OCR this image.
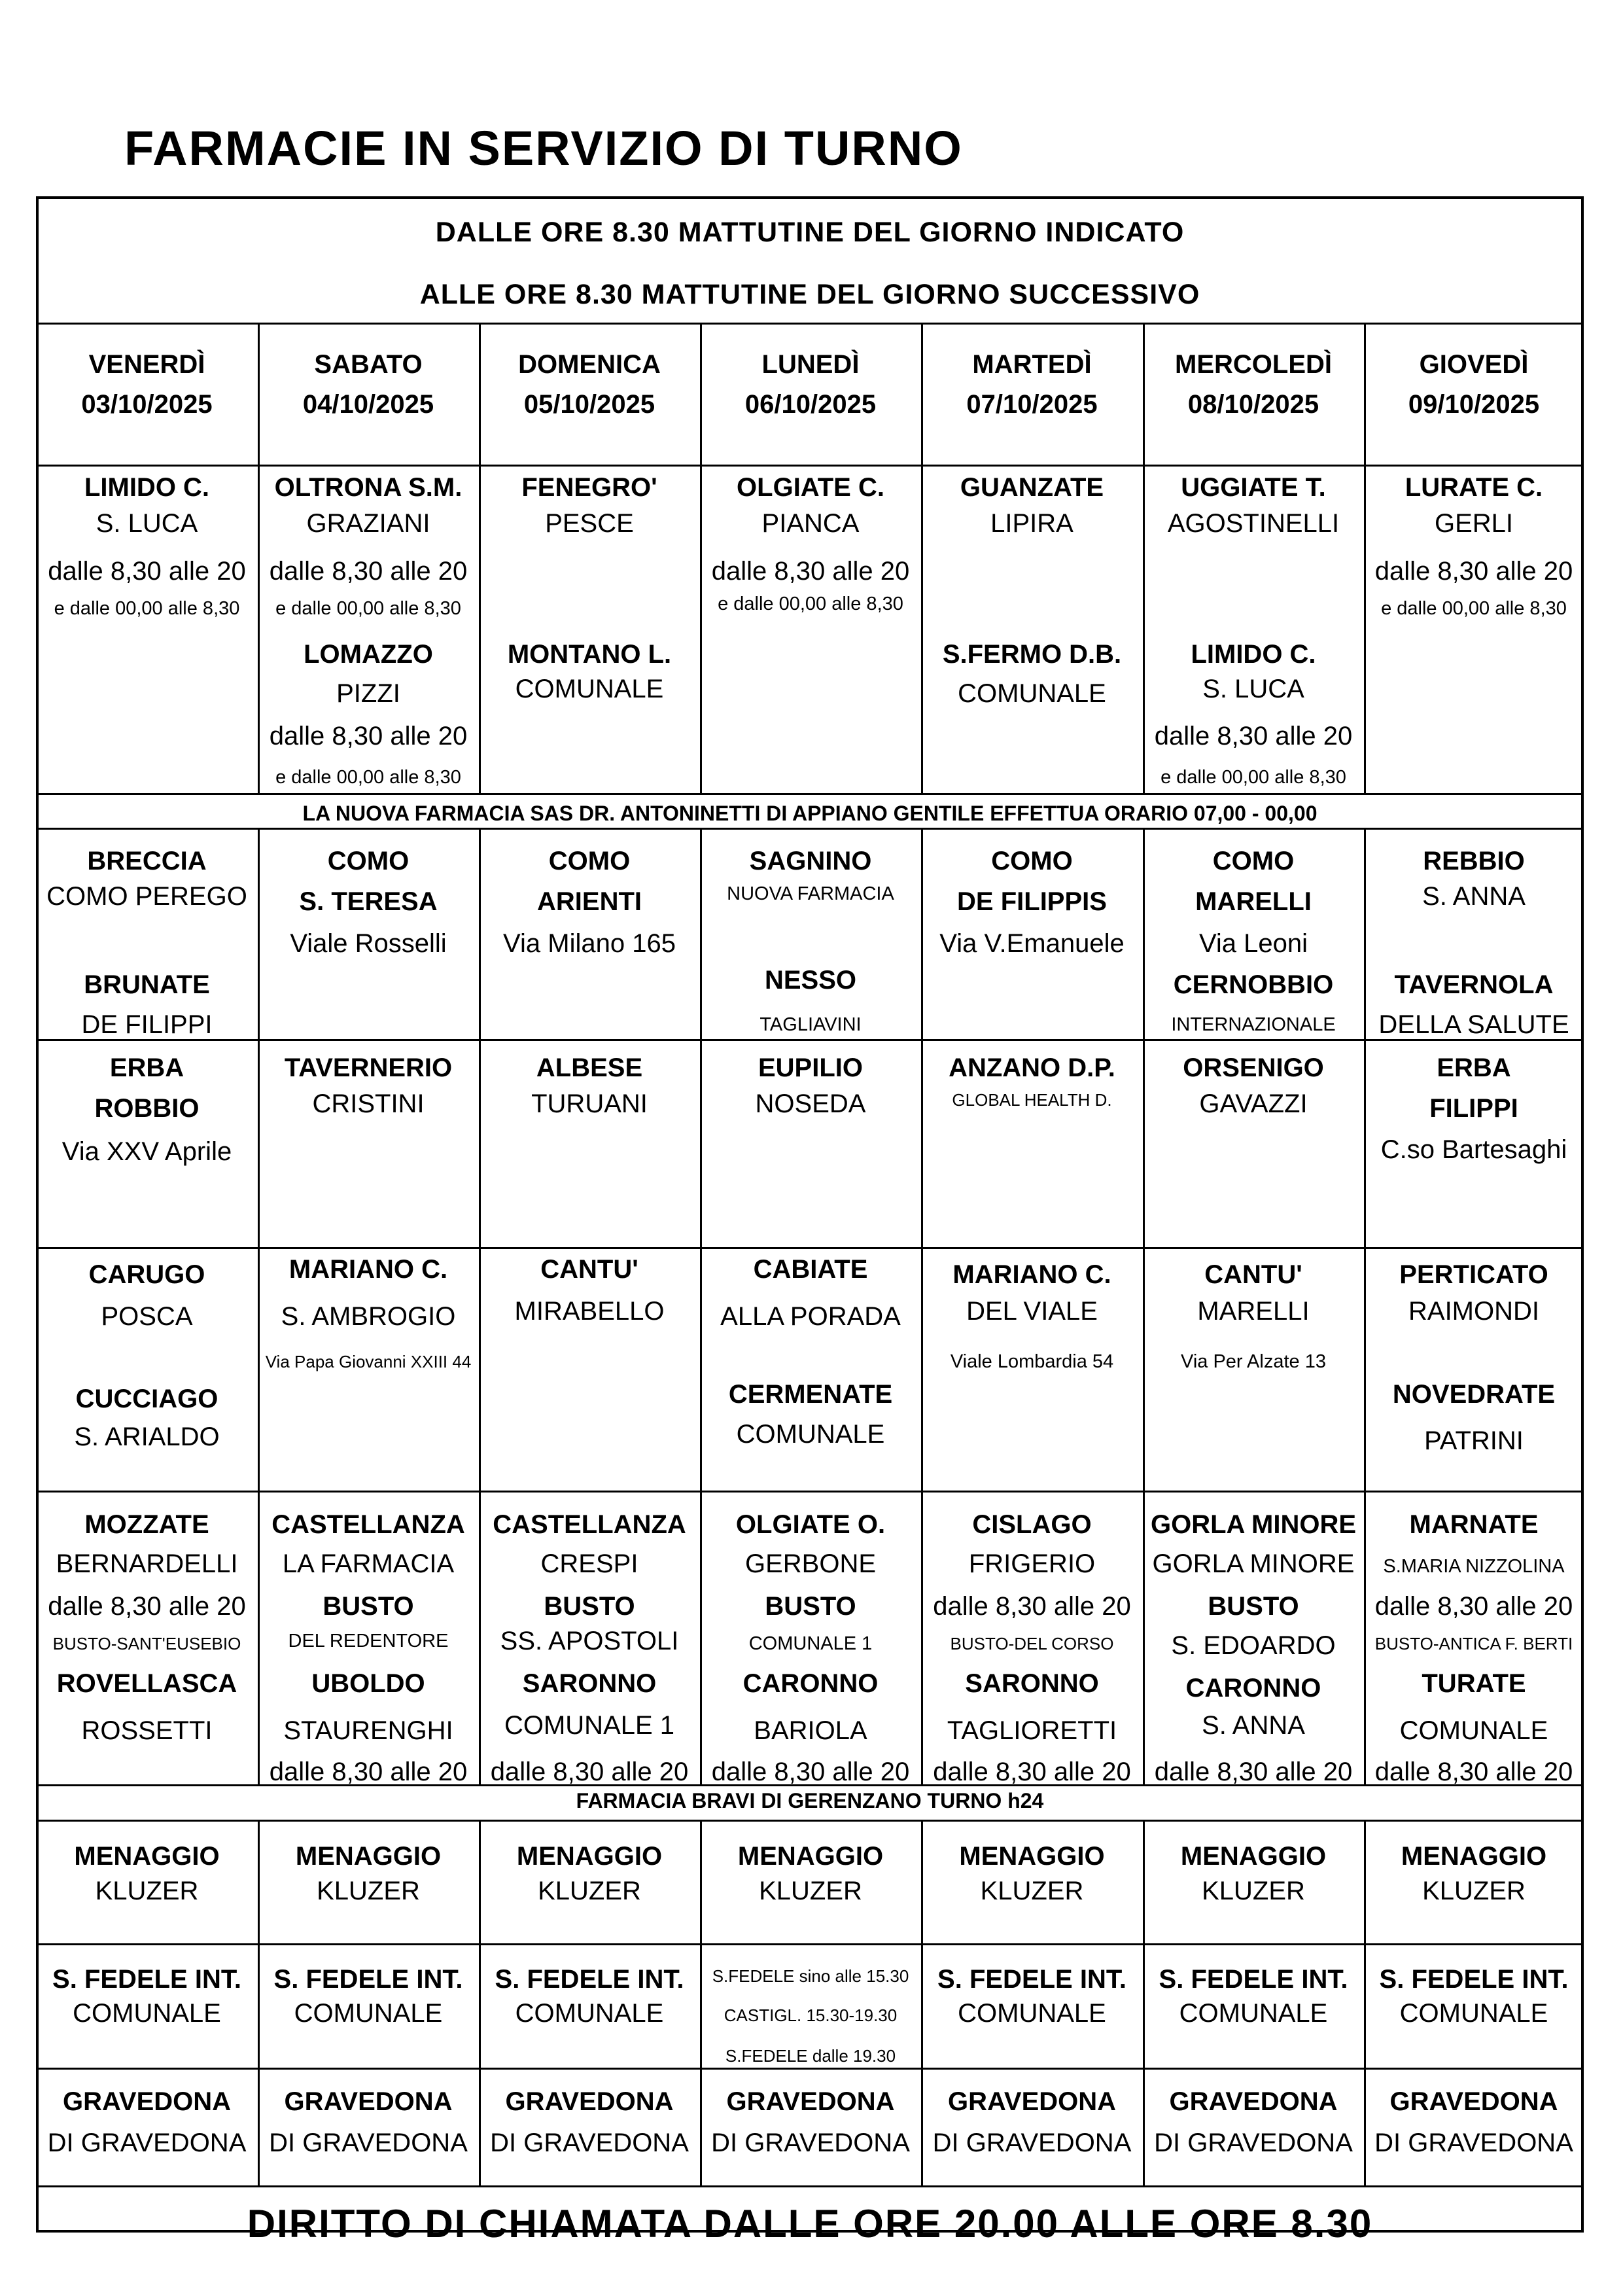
FARMACIE IN SERVIZIO DI TURNO
DALLE ORE 8.30 MATTUTINE DEL GIORNO INDICATO
ALLE ORE 8.30 MATTUTINE DEL GIORNO SUCCESSIVO
LA NUOVA FARMACIA SAS DR. ANTONINETTI DI APPIANO GENTILE EFFETTUA ORARIO 07,00 - 00,00
FARMACIA BRAVI DI GERENZANO TURNO h24
DIRITTO DI CHIAMATA DALLE ORE 20.00 ALLE ORE 8.30
VENERDÌ
03/10/2025
SABATO
04/10/2025
DOMENICA
05/10/2025
LUNEDÌ
06/10/2025
MARTEDÌ
07/10/2025
MERCOLEDÌ
08/10/2025
GIOVEDÌ
09/10/2025
LIMIDO C.
S. LUCA
dalle 8,30 alle 20
e dalle 00,00 alle 8,30
OLTRONA S.M.
GRAZIANI
dalle 8,30 alle 20
e dalle 00,00 alle 8,30
LOMAZZO
PIZZI
dalle 8,30 alle 20
e dalle 00,00 alle 8,30
FENEGRO'
PESCE
MONTANO L.
COMUNALE
OLGIATE C.
PIANCA
dalle 8,30 alle 20
e dalle 00,00 alle 8,30
GUANZATE
LIPIRA
S.FERMO D.B.
COMUNALE
UGGIATE T.
AGOSTINELLI
LIMIDO C.
S. LUCA
dalle 8,30 alle 20
e dalle 00,00 alle 8,30
LURATE C.
GERLI
dalle 8,30 alle 20
e dalle 00,00 alle 8,30
BRECCIA
COMO PEREGO
BRUNATE
DE FILIPPI
COMO
S. TERESA
Viale Rosselli
COMO
ARIENTI
Via Milano 165
SAGNINO
NUOVA FARMACIA
NESSO
TAGLIAVINI
COMO
DE FILIPPIS
Via V.Emanuele
COMO
MARELLI
Via Leoni
CERNOBBIO
INTERNAZIONALE
REBBIO
S. ANNA
TAVERNOLA
DELLA SALUTE
ERBA
ROBBIO
Via XXV Aprile
TAVERNERIO
CRISTINI
ALBESE
TURUANI
EUPILIO
NOSEDA
ANZANO D.P.
GLOBAL HEALTH D.
ORSENIGO
GAVAZZI
ERBA
FILIPPI
C.so Bartesaghi
CARUGO
POSCA
CUCCIAGO
S. ARIALDO
MARIANO C.
S. AMBROGIO
Via Papa Giovanni XXIII 44
CANTU'
MIRABELLO
CABIATE
ALLA PORADA
CERMENATE
COMUNALE
MARIANO C.
DEL VIALE
Viale Lombardia 54
CANTU'
MARELLI
Via Per Alzate 13
PERTICATO
RAIMONDI
NOVEDRATE
PATRINI
MOZZATE
BERNARDELLI
dalle 8,30 alle 20
BUSTO-SANT'EUSEBIO
ROVELLASCA
ROSSETTI
CASTELLANZA
LA FARMACIA
BUSTO
DEL REDENTORE
UBOLDO
STAURENGHI
dalle 8,30 alle 20
CASTELLANZA
CRESPI
BUSTO
SS. APOSTOLI
SARONNO
COMUNALE 1
dalle 8,30 alle 20
OLGIATE O.
GERBONE
BUSTO
COMUNALE 1
CARONNO
BARIOLA
dalle 8,30 alle 20
CISLAGO
FRIGERIO
dalle 8,30 alle 20
BUSTO-DEL CORSO
SARONNO
TAGLIORETTI
dalle 8,30 alle 20
GORLA MINORE
GORLA MINORE
BUSTO
S. EDOARDO
CARONNO
S. ANNA
dalle 8,30 alle 20
MARNATE
S.MARIA NIZZOLINA
dalle 8,30 alle 20
BUSTO-ANTICA F. BERTI
TURATE
COMUNALE
dalle 8,30 alle 20
MENAGGIO
KLUZER
S. FEDELE INT.
COMUNALE
MENAGGIO
KLUZER
S. FEDELE INT.
COMUNALE
MENAGGIO
KLUZER
S. FEDELE INT.
COMUNALE
MENAGGIO
KLUZER
S.FEDELE sino alle 15.30
CASTIGL. 15.30-19.30
S.FEDELE dalle 19.30
MENAGGIO
KLUZER
S. FEDELE INT.
COMUNALE
MENAGGIO
KLUZER
S. FEDELE INT.
COMUNALE
MENAGGIO
KLUZER
S. FEDELE INT.
COMUNALE
GRAVEDONA
DI GRAVEDONA
GRAVEDONA
DI GRAVEDONA
GRAVEDONA
DI GRAVEDONA
GRAVEDONA
DI GRAVEDONA
GRAVEDONA
DI GRAVEDONA
GRAVEDONA
DI GRAVEDONA
GRAVEDONA
DI GRAVEDONA
